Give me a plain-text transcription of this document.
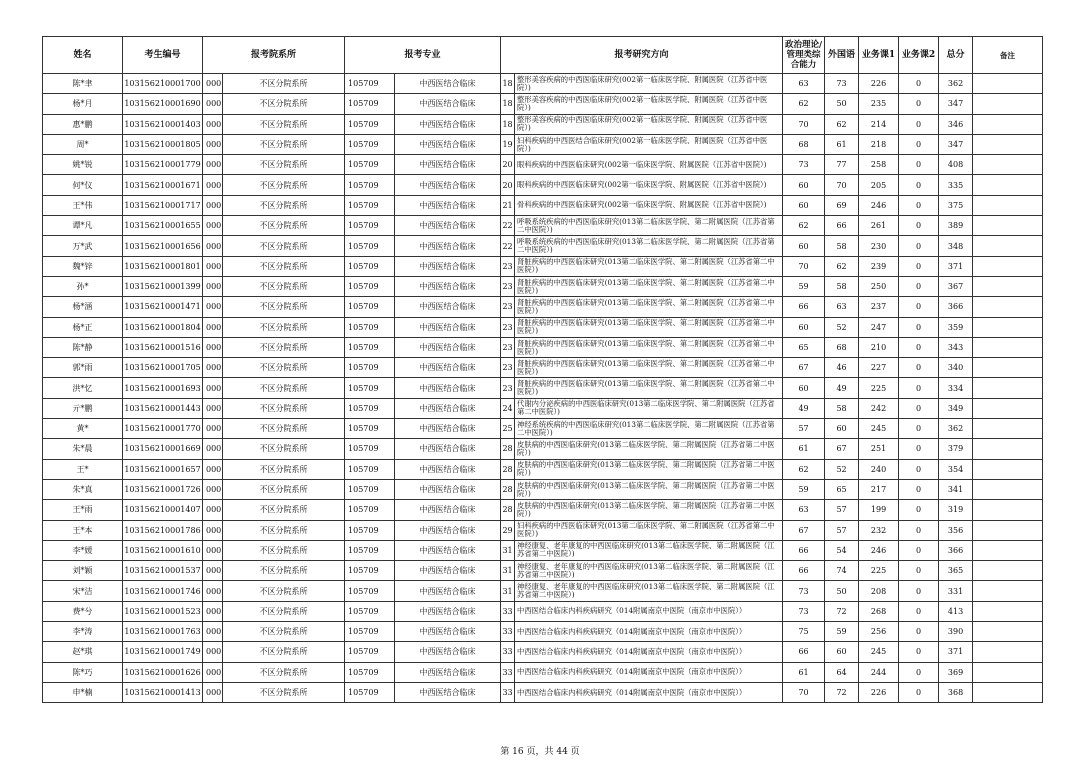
姓名	考生编号	报考院系所		报考专业		报考研究方向		政治理论/管理类综合能力	外国语	业务课1	业务课2	总分	备注
陈*聿	103156210001700	000	不区分院系所	105709	中西医结合临床	18	整形美容疾病的中西医临床研究(002第一临床医学院、附属医院（江苏省中医院）)	63	73	226	0	362	
杨*月	103156210001690	000	不区分院系所	105709	中西医结合临床	18	整形美容疾病的中西医临床研究(002第一临床医学院、附属医院（江苏省中医院）)	62	50	235	0	347	
惠*鹏	103156210001403	000	不区分院系所	105709	中西医结合临床	18	整形美容疾病的中西医临床研究(002第一临床医学院、附属医院（江苏省中医院）)	70	62	214	0	346	
周*	103156210001805	000	不区分院系所	105709	中西医结合临床	19	妇科疾病的中西医结合临床研究(002第一临床医学院、附属医院（江苏省中医院）)	68	61	218	0	347	
姚*锐	103156210001779	000	不区分院系所	105709	中西医结合临床	20	眼科疾病的中西医临床研究(002第一临床医学院、附属医院（江苏省中医院）)	73	77	258	0	408	
何*仪	103156210001671	000	不区分院系所	105709	中西医结合临床	20	眼科疾病的中西医临床研究(002第一临床医学院、附属医院（江苏省中医院）)	60	70	205	0	335	
王*伟	103156210001717	000	不区分院系所	105709	中西医结合临床	21	骨科疾病的中西医临床研究(002第一临床医学院、附属医院（江苏省中医院）)	60	69	246	0	375	
谭*凡	103156210001655	000	不区分院系所	105709	中西医结合临床	22	呼吸系统疾病的中西医临床研究(013第二临床医学院、第二附属医院（江苏省第二中医院）)	62	66	261	0	389	
万*武	103156210001656	000	不区分院系所	105709	中西医结合临床	22	呼吸系统疾病的中西医临床研究(013第二临床医学院、第二附属医院（江苏省第二中医院）)	60	58	230	0	348	
魏*锌	103156210001801	000	不区分院系所	105709	中西医结合临床	23	肾脏疾病的中西医临床研究(013第二临床医学院、第二附属医院（江苏省第二中医院）)	70	62	239	0	371	
孙*	103156210001399	000	不区分院系所	105709	中西医结合临床	23	肾脏疾病的中西医临床研究(013第二临床医学院、第二附属医院（江苏省第二中医院）)	59	58	250	0	367	
杨*涵	103156210001471	000	不区分院系所	105709	中西医结合临床	23	肾脏疾病的中西医临床研究(013第二临床医学院、第二附属医院（江苏省第二中医院）)	66	63	237	0	366	
杨*正	103156210001804	000	不区分院系所	105709	中西医结合临床	23	肾脏疾病的中西医临床研究(013第二临床医学院、第二附属医院（江苏省第二中医院）)	60	52	247	0	359	
陈*静	103156210001516	000	不区分院系所	105709	中西医结合临床	23	肾脏疾病的中西医临床研究(013第二临床医学院、第二附属医院（江苏省第二中医院）)	65	68	210	0	343	
郭*雨	103156210001705	000	不区分院系所	105709	中西医结合临床	23	肾脏疾病的中西医临床研究(013第二临床医学院、第二附属医院（江苏省第二中医院）)	67	46	227	0	340	
洪*忆	103156210001693	000	不区分院系所	105709	中西医结合临床	23	肾脏疾病的中西医临床研究(013第二临床医学院、第二附属医院（江苏省第二中医院）)	60	49	225	0	334	
亓*鹏	103156210001443	000	不区分院系所	105709	中西医结合临床	24	代谢内分泌疾病的中西医临床研究(013第二临床医学院、第二附属医院（江苏省第二中医院）)	49	58	242	0	349	
黄*	103156210001770	000	不区分院系所	105709	中西医结合临床	25	神经系统疾病的中西医临床研究(013第二临床医学院、第二附属医院（江苏省第二中医院）)	57	60	245	0	362	
朱*晨	103156210001669	000	不区分院系所	105709	中西医结合临床	28	皮肤病的中西医临床研究(013第二临床医学院、第二附属医院（江苏省第二中医院）)	61	67	251	0	379	
王*	103156210001657	000	不区分院系所	105709	中西医结合临床	28	皮肤病的中西医临床研究(013第二临床医学院、第二附属医院（江苏省第二中医院）)	62	52	240	0	354	
朱*真	103156210001726	000	不区分院系所	105709	中西医结合临床	28	皮肤病的中西医临床研究(013第二临床医学院、第二附属医院（江苏省第二中医院）)	59	65	217	0	341	
王*雨	103156210001407	000	不区分院系所	105709	中西医结合临床	28	皮肤病的中西医临床研究(013第二临床医学院、第二附属医院（江苏省第二中医院）)	63	57	199	0	319	
王*本	103156210001786	000	不区分院系所	105709	中西医结合临床	29	妇科疾病的中西医临床研究(013第二临床医学院、第二附属医院（江苏省第二中医院）)	67	57	232	0	356	
李*媛	103156210001610	000	不区分院系所	105709	中西医结合临床	31	神经康复、老年康复的中西医临床研究(013第二临床医学院、第二附属医院（江苏省第二中医院）)	66	54	246	0	366	
刘*颖	103156210001537	000	不区分院系所	105709	中西医结合临床	31	神经康复、老年康复的中西医临床研究(013第二临床医学院、第二附属医院（江苏省第二中医院）)	66	74	225	0	365	
宋*洁	103156210001746	000	不区分院系所	105709	中西医结合临床	31	神经康复、老年康复的中西医临床研究(013第二临床医学院、第二附属医院（江苏省第二中医院）)	73	50	208	0	331	
费*兮	103156210001523	000	不区分院系所	105709	中西医结合临床	33	中西医结合临床内科疾病研究（014附属南京中医院（南京市中医院））	73	72	268	0	413	
李*涛	103156210001763	000	不区分院系所	105709	中西医结合临床	33	中西医结合临床内科疾病研究（014附属南京中医院（南京市中医院））	75	59	256	0	390	
赵*琪	103156210001749	000	不区分院系所	105709	中西医结合临床	33	中西医结合临床内科疾病研究（014附属南京中医院（南京市中医院））	66	60	245	0	371	
陈*巧	103156210001626	000	不区分院系所	105709	中西医结合临床	33	中西医结合临床内科疾病研究（014附属南京中医院（南京市中医院））	61	64	244	0	369	
申*楠	103156210001413	000	不区分院系所	105709	中西医结合临床	33	中西医结合临床内科疾病研究（014附属南京中医院（南京市中医院））	70	72	226	0	368	
第 16 页，共 44 页
